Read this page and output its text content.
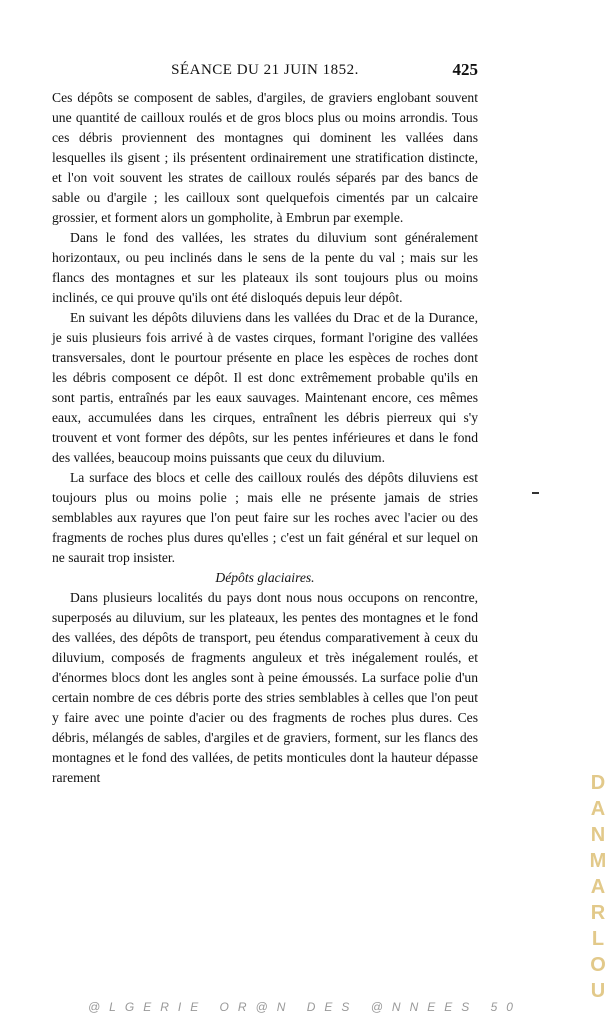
SÉANCE DU 21 JUIN 1852.	425

Ces dépôts se composent de sables, d'argiles, de graviers englobant souvent une quantité de cailloux roulés et de gros blocs plus ou moins arrondis. Tous ces débris proviennent des montagnes qui dominent les vallées dans lesquelles ils gisent ; ils présentent ordinairement une stratification distincte, et l'on voit souvent les strates de cailloux roulés séparés par des bancs de sable ou d'argile ; les cailloux sont quelquefois cimentés par un calcaire grossier, et forment alors un gompholite, à Embrun par exemple.

Dans le fond des vallées, les strates du diluvium sont généralement horizontaux, ou peu inclinés dans le sens de la pente du val ; mais sur les flancs des montagnes et sur les plateaux ils sont toujours plus ou moins inclinés, ce qui prouve qu'ils ont été disloqués depuis leur dépôt.

En suivant les dépôts diluviens dans les vallées du Drac et de la Durance, je suis plusieurs fois arrivé à de vastes cirques, formant l'origine des vallées transversales, dont le pourtour présente en place les espèces de roches dont les débris composent ce dépôt. Il est donc extrêmement probable qu'ils en sont partis, entraînés par les eaux sauvages. Maintenant encore, ces mêmes eaux, accumulées dans les cirques, entraînent les débris pierreux qui s'y trouvent et vont former des dépôts, sur les pentes inférieures et dans le fond des vallées, beaucoup moins puissants que ceux du diluvium.

La surface des blocs et celle des cailloux roulés des dépôts diluviens est toujours plus ou moins polie ; mais elle ne présente jamais de stries semblables aux rayures que l'on peut faire sur les roches avec l'acier ou des fragments de roches plus dures qu'elles ; c'est un fait général et sur lequel on ne saurait trop insister.

Dépôts glaciaires.

Dans plusieurs localités du pays dont nous nous occupons on rencontre, superposés au diluvium, sur les plateaux, les pentes des montagnes et le fond des vallées, des dépôts de transport, peu étendus comparativement à ceux du diluvium, composés de fragments anguleux et très inégalement roulés, et d'énormes blocs dont les angles sont à peine émoussés. La surface polie d'un certain nombre de ces débris porte des stries semblables à celles que l'on peut y faire avec une pointe d'acier ou des fragments de roches plus dures. Ces débris, mélangés de sables, d'argiles et de graviers, forment, sur les flancs des montagnes et le fond des vallées, de petits monticules dont la hauteur dépasse rarement	D
A
N
M
A
R
L
O
U
@LGERIE OR@N DES @NNEES 50
